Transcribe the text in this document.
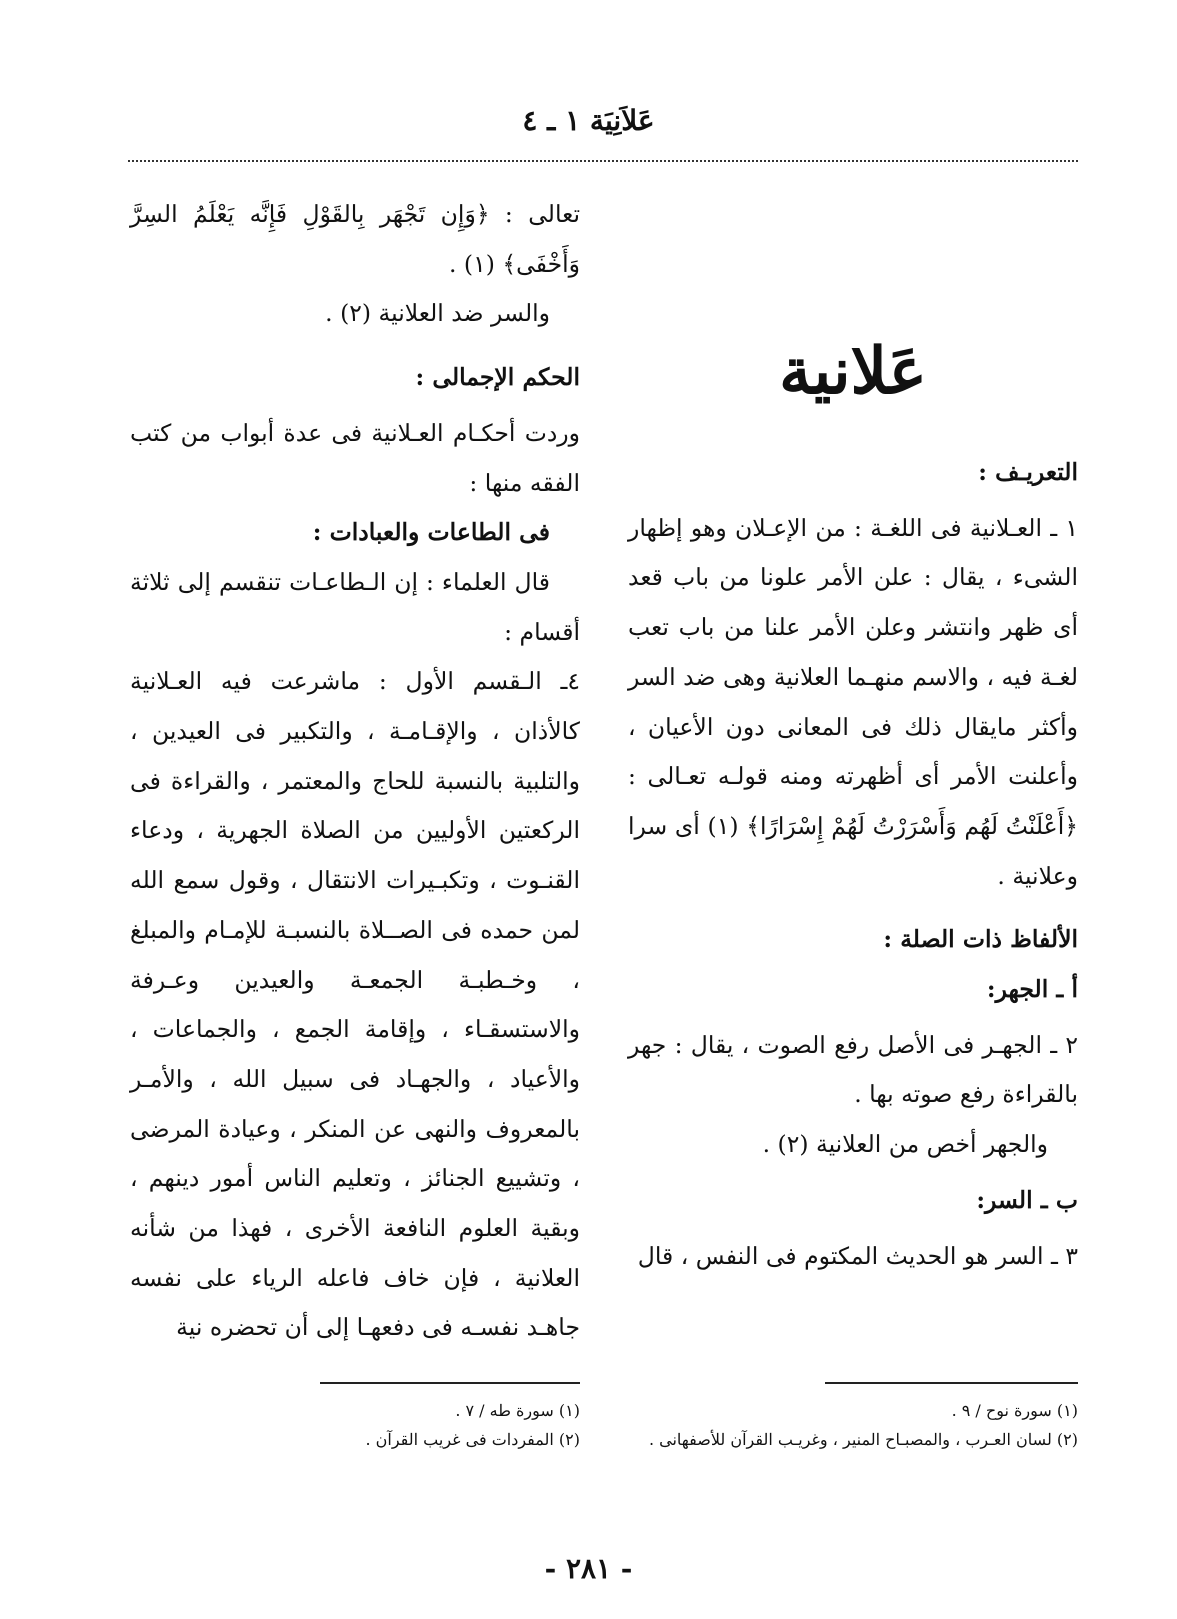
عَلاَنِيَة ١ ـ ٤
عَلانية

التعريـف :

١ ـ العـلانية فى اللغـة : من الإعـلان وهو إظهار الشىء ، يقال : علن الأمر علونا من باب قعد أى ظهر وانتشر وعلن الأمر علنا من باب تعب لغـة فيه ، والاسم منهـما العلانية وهى ضد السر وأكثر مايقال ذلك فى المعانى دون الأعيان ، وأعلنت الأمر أى أظهرته ومنه قولـه تعـالى : ﴿أَعْلَنْتُ لَهُم وَأَسْرَرْتُ لَهُمْ إِسْرَارًا﴾ (١) أى سرا وعلانية .

الألفاظ ذات الصلة :

أ ـ الجهر:

٢ ـ الجهـر فى الأصل رفع الصوت ، يقال : جهر بالقراءة رفع صوته بها .

والجهر أخص من العلانية (٢) .

ب ـ السر:

٣ ـ السر هو الحديث المكتوم فى النفس ، قال

تعالى : ﴿وَإِن تَجْهَر بِالقَوْلِ فَإِنَّه يَعْلَمُ السِرَّ وَأَخْفَى﴾ (١) .

والسر ضد العلانية (٢) .

الحكم الإجمالى :

وردت أحكـام العـلانية فى عدة أبواب من كتب الفقه منها :

فى الطاعات والعبادات :

قال العلماء : إن الـطاعـات تنقسم إلى ثلاثة أقسام :

٤ـ الـقسم الأول : ماشرعت فيه العـلانية كالأذان ، والإقـامـة ، والتكبير فى العيدين ، والتلبية بالنسبة للحاج والمعتمر ، والقراءة فى الركعتين الأوليين من الصلاة الجهرية ، ودعاء القنـوت ، وتكبـيرات الانتقال ، وقول سمع الله لمن حمده فى الصــلاة بالنسبـة للإمـام والمبلغ ، وخـطبـة الجمعـة والعيدين وعـرفة والاستسقـاء ، وإقامة الجمع ، والجماعات ، والأعياد ، والجهـاد فى سبيل الله ، والأمـر بالمعروف والنهى عن المنكر ، وعيادة المرضى ، وتشييع الجنائز ، وتعليم الناس أمور دينهم ، وبقية العلوم النافعة الأخرى ، فهذا من شأنه العلانية ، فإن خاف فاعله الرياء على نفسه جاهـد نفسـه فى دفعهـا إلى أن تحضره نية

(١) سورة نوح / ٩ .

(٢) لسان العـرب ، والمصبـاح المنير ، وغريـب القرآن للأصفهانى .

(١) سورة طه / ٧ .

(٢) المفردات فى غريب القرآن .

- ٢٨١ -
